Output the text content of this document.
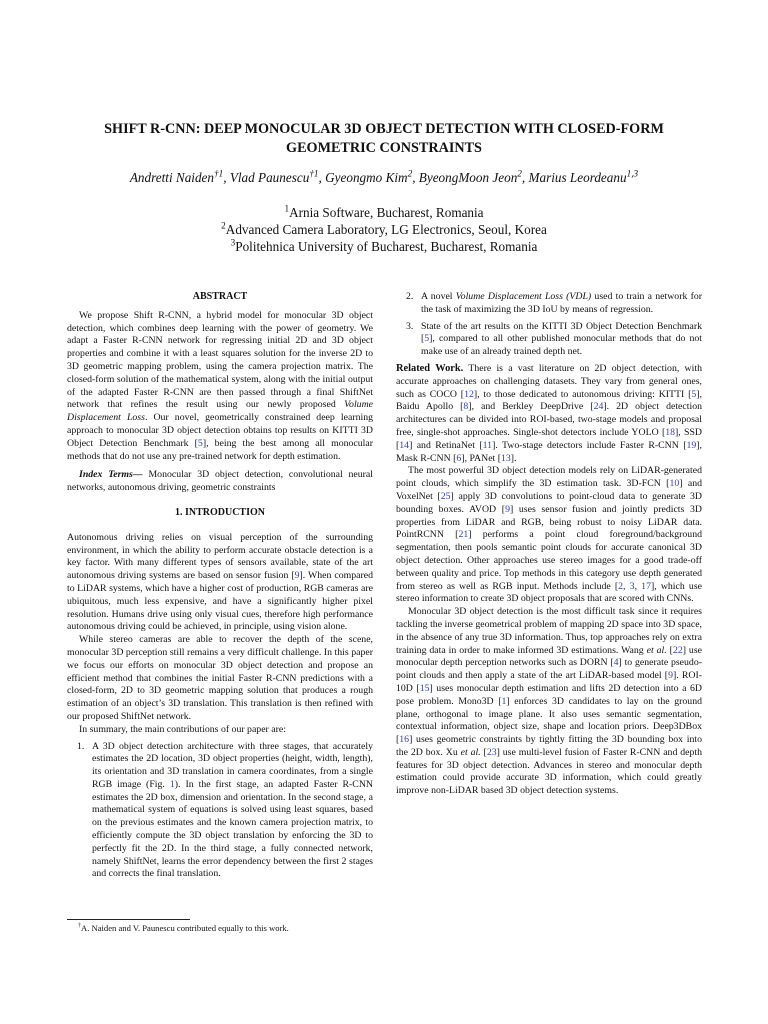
SHIFT R-CNN: DEEP MONOCULAR 3D OBJECT DETECTION WITH CLOSED-FORM
GEOMETRIC CONSTRAINTS
Andretti Naiden$^{\dagger 1}$, Vlad Paunescu$^{\dagger 1}$, Gyeongmo Kim$^2$, ByeongMoon Jeon$^2$, Marius Leordeanu$^{1,3}$
$^1$Arnia Software, Bucharest, Romania
$^2$Advanced Camera Laboratory, LG Electronics, Seoul, Korea
$^3$Politehnica University of Bucharest, Bucharest, Romania
ABSTRACT

We propose Shift R-CNN, a hybrid model for monocular 3D object detection, which combines deep learning with the power of geometry. We adapt a Faster R-CNN network for regressing initial 2D and 3D object properties and combine it with a least squares solution for the inverse 2D to 3D geometric mapping problem, using the camera projection matrix. The closed-form solution of the mathematical system, along with the initial output of the adapted Faster R-CNN are then passed through a final ShiftNet network that refines the result using our newly proposed Volume Displacement Loss. Our novel, geometrically constrained deep learning approach to monocular 3D object detection obtains top results on KITTI 3D Object Detection Benchmark [5], being the best among all monocular methods that do not use any pre-trained network for depth estimation.

Index Terms— Monocular 3D object detection, convolutional neural networks, autonomous driving, geometric constraints

1. INTRODUCTION

Autonomous driving relies on visual perception of the surrounding environment, in which the ability to perform accurate obstacle detection is a key factor. With many different types of sensors available, state of the art autonomous driving systems are based on sensor fusion [9]. When compared to LiDAR systems, which have a higher cost of production, RGB cameras are ubiquitous, much less expensive, and have a significantly higher pixel resolution. Humans drive using only visual cues, therefore high performance autonomous driving could be achieved, in principle, using vision alone.

While stereo cameras are able to recover the depth of the scene, monocular 3D perception still remains a very difficult challenge. In this paper we focus our efforts on monocular 3D object detection and propose an efficient method that combines the initial Faster R-CNN predictions with a closed-form, 2D to 3D geometric mapping solution that produces a rough estimation of an object’s 3D translation. This translation is then refined with our proposed ShiftNet network.

In summary, the main contributions of our paper are:

1. A 3D object detection architecture with three stages, that accurately estimates the 2D location, 3D object properties (height, width, length), its orientation and 3D translation in camera coordinates, from a single RGB image (Fig. 1). In the first stage, an adapted Faster R-CNN estimates the 2D box, dimension and orientation. In the second stage, a mathematical system of equations is solved using least squares, based on the previous estimates and the known camera projection matrix, to efficiently compute the 3D object translation by enforcing the 3D to perfectly fit the 2D. In the third stage, a fully connected network, namely ShiftNet, learns the error dependency between the first 2 stages and corrects the final translation.
2. A novel Volume Displacement Loss (VDL) used to train a network for the task of maximizing the 3D IoU by means of regression.
3. State of the art results on the KITTI 3D Object Detection Benchmark [5], compared to all other published monocular methods that do not make use of an already trained depth net.

Related Work. There is a vast literature on 2D object detection, with accurate approaches on challenging datasets. They vary from general ones, such as COCO [12], to those dedicated to autonomous driving: KITTI [5], Baidu Apollo [8], and Berkley DeepDrive [24]. 2D object detection architectures can be divided into ROI-based, two-stage models and proposal free, single-shot approaches. Single-shot detectors include YOLO [18], SSD [14] and RetinaNet [11]. Two-stage detectors include Faster R-CNN [19], Mask R-CNN [6], PANet [13].

The most powerful 3D object detection models rely on LiDAR-generated point clouds, which simplify the 3D estimation task. 3D-FCN [10] and VoxelNet [25] apply 3D convolutions to point-cloud data to generate 3D bounding boxes. AVOD [9] uses sensor fusion and jointly predicts 3D properties from LiDAR and RGB, being robust to noisy LiDAR data. PointRCNN [21] performs a point cloud foreground/background segmentation, then pools semantic point clouds for accurate canonical 3D object detection. Other approaches use stereo images for a good trade-off between quality and price. Top methods in this category use depth generated from stereo as well as RGB input. Methods include [2, 3, 17], which use stereo information to create 3D object proposals that are scored with CNNs.

Monocular 3D object detection is the most difficult task since it requires tackling the inverse geometrical problem of mapping 2D space into 3D space, in the absence of any true 3D information. Thus, top approaches rely on extra training data in order to make informed 3D estimations. Wang et al. [22] use monocular depth perception networks such as DORN [4] to generate pseudo-point clouds and then apply a state of the art LiDAR-based model [9]. ROI-10D [15] uses monocular depth estimation and lifts 2D detection into a 6D pose problem. Mono3D [1] enforces 3D candidates to lay on the ground plane, orthogonal to image plane. It also uses semantic segmentation, contextual information, object size, shape and location priors. Deep3DBox [16] uses geometric constraints by tightly fitting the 3D bounding box into the 2D box. Xu et al. [23] use multi-level fusion of Faster R-CNN and depth features for 3D object detection. Advances in stereo and monocular depth estimation could provide accurate 3D information, which could greatly improve non-LiDAR based 3D object detection systems.

†A. Naiden and V. Paunescu contributed equally to this work.
